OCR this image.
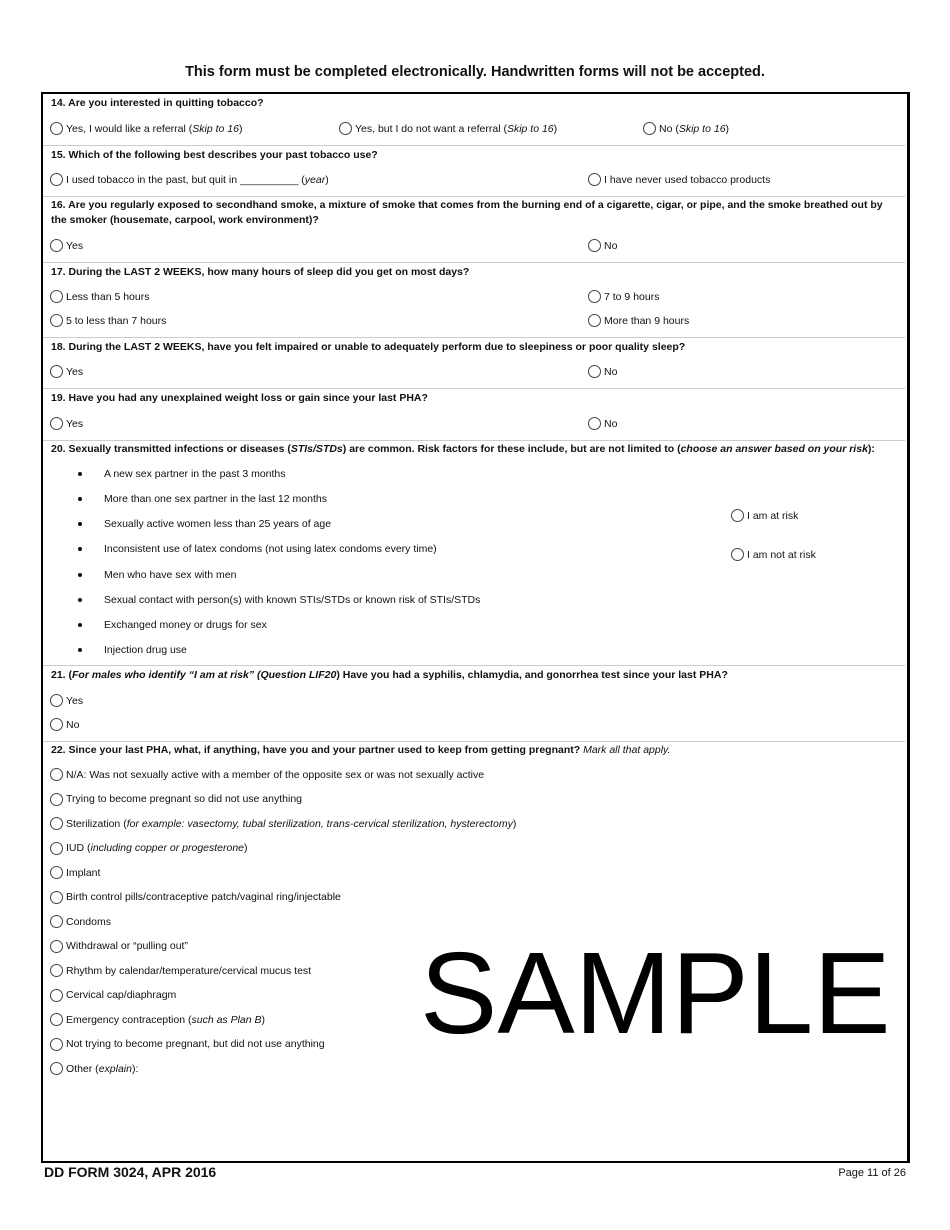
This form must be completed electronically. Handwritten forms will not be accepted.
14. Are you interested in quitting tobacco?
Yes, I would like a referral ( Skip to 16 )	Yes, but I do not want a referral ( Skip to 16 )	No ( Skip to 16 )
15. Which of the following best describes your past tobacco use?
I used tobacco in the past, but quit in __________ ( year )	I have never used tobacco products
16. Are you regularly exposed to secondhand smoke, a mixture of smoke that comes from the burning end of a cigarette, cigar, or pipe, and the smoke breathed out by the smoker (housemate, carpool, work environment)?
Yes	No
17. During the LAST 2 WEEKS, how many hours of sleep did you get on most days?
Less than 5 hours	7 to 9 hours
5 to less than 7 hours	More than 9 hours
18. During the LAST 2 WEEKS, have you felt impaired or unable to adequately perform due to sleepiness or poor quality sleep?
Yes	No
19. Have you had any unexplained weight loss or gain since your last PHA?
Yes	No
20. Sexually transmitted infections or diseases (STIs/STDs) are common. Risk factors for these include, but are not limited to (choose an answer based on your risk):
A new sex partner in the past 3 months
More than one sex partner in the last 12 months
Sexually active women less than 25 years of age
Inconsistent use of latex condoms (not using latex condoms every time)
Men who have sex with men
Sexual contact with person(s) with known STIs/STDs or known risk of STIs/STDs
Exchanged money or drugs for sex
Injection drug use
I am at risk
I am not at risk
21. (For males who identify “I am at risk” (Question LIF20) Have you had a syphilis, chlamydia, and gonorrhea test since your last PHA?
Yes
No
22. Since your last PHA, what, if anything, have you and your partner used to keep from getting pregnant? Mark all that apply.
N/A: Was not sexually active with a member of the opposite sex or was not sexually active
Trying to become pregnant so did not use anything
Sterilization ( for example: vasectomy, tubal sterilization, trans-cervical sterilization, hysterectomy )
IUD ( including copper or progesterone )
Implant
Birth control pills/contraceptive patch/vaginal ring/injectable
Condoms
Withdrawal or “pulling out”
Rhythm by calendar/temperature/cervical mucus test
Cervical cap/diaphragm
Emergency contraception ( such as Plan B )
Not trying to become pregnant, but did not use anything
Other ( explain ):
SAMPLE
DD FORM 3024, APR 2016	Page 11 of 26
